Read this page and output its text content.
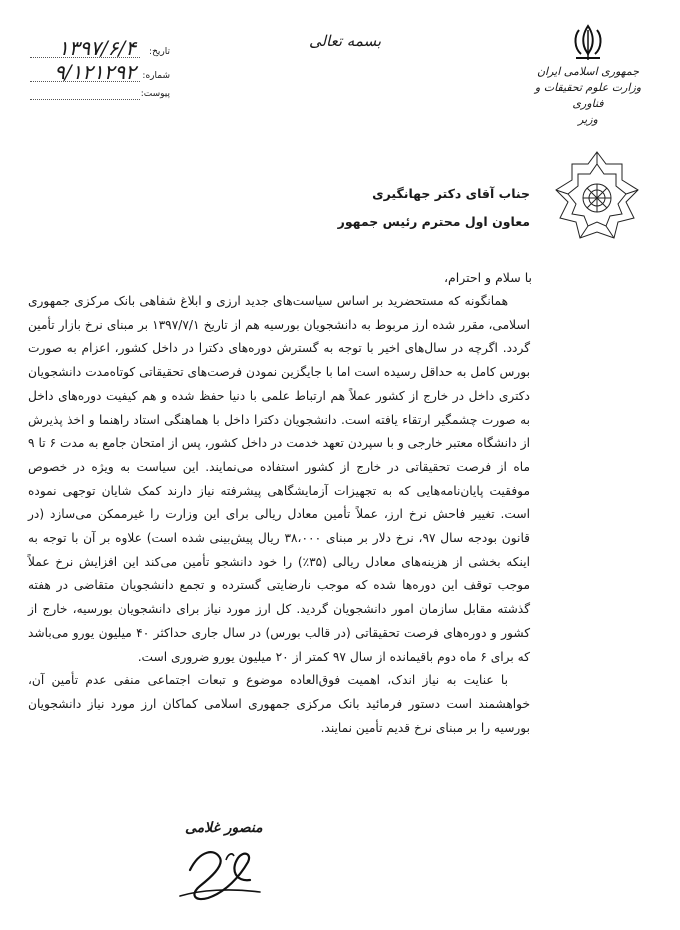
جمهوری اسلامی ایران
وزارت علوم تحقیقات و فناوری
وزیر
بسمه تعالی
تاریخ:
۱۳۹۷/۶/۴
شماره:
۹/۱۲۱۲۹۲
پیوست:
جناب آقای دکتر جهانگیری
معاون اول محترم رئیس جمهور
با سلام و احترام،

همانگونه که مستحضرید بر اساس سیاست‌های جدید ارزی و ابلاغ شفاهی بانک مرکزی جمهوری اسلامی، مقرر شده ارز مربوط به دانشجویان بورسیه هم از تاریخ ۱۳۹۷/۷/۱ بر مبنای نرخ بازار تأمین گردد. اگرچه در سال‌های اخیر با توجه به گسترش دوره‌های دکترا در داخل کشور، اعزام به صورت بورس کامل به حداقل رسیده است اما با جایگزین نمودن فرصت‌های تحقیقاتی کوتاه‌مدت دانشجویان دکتری داخل در خارج از کشور عملاً هم ارتباط علمی با دنیا حفظ شده و هم کیفیت دوره‌های داخل به صورت چشمگیر ارتقاء یافته است. دانشجویان دکترا داخل با هماهنگی استاد راهنما و اخذ پذیرش از دانشگاه معتبر خارجی و با سپردن تعهد خدمت در داخل کشور، پس از امتحان جامع به مدت ۶ تا ۹ ماه از فرصت تحقیقاتی در خارج از کشور استفاده می‌نمایند. این سیاست به ویژه در خصوص موفقیت پایان‌نامه‌هایی که به تجهیزات آزمایشگاهی پیشرفته نیاز دارند کمک شایان توجهی نموده است. تغییر فاحش نرخ ارز، عملاً تأمین معادل ریالی برای این وزارت را غیرممکن می‌سازد (در قانون بودجه سال ۹۷، نرخ دلار بر مبنای ۳۸،۰۰۰ ریال پیش‌بینی شده است) علاوه بر آن با توجه به اینکه بخشی از هزینه‌های معادل ریالی (۳۵٪) را خود دانشجو تأمین می‌کند این افزایش نرخ عملاً موجب توقف این دوره‌ها شده که موجب نارضایتی گسترده و تجمع دانشجویان متقاضی در هفته گذشته مقابل سازمان امور دانشجویان گردید. کل ارز مورد نیاز برای دانشجویان بورسیه، خارج از کشور و دوره‌های فرصت تحقیقاتی (در قالب بورس) در سال جاری حداکثر ۴۰ میلیون یورو می‌باشد که برای ۶ ماه دوم باقیمانده از سال ۹۷ کمتر از ۲۰ میلیون یورو ضروری است.

با عنایت به نیاز اندک، اهمیت فوق‌العاده موضوع و تبعات اجتماعی منفی عدم تأمین آن، خواهشمند است دستور فرمائید بانک مرکزی جمهوری اسلامی کماکان ارز مورد نیاز دانشجویان بورسیه را بر مبنای نرخ قدیم تأمین نمایند.

منصور غلامی
